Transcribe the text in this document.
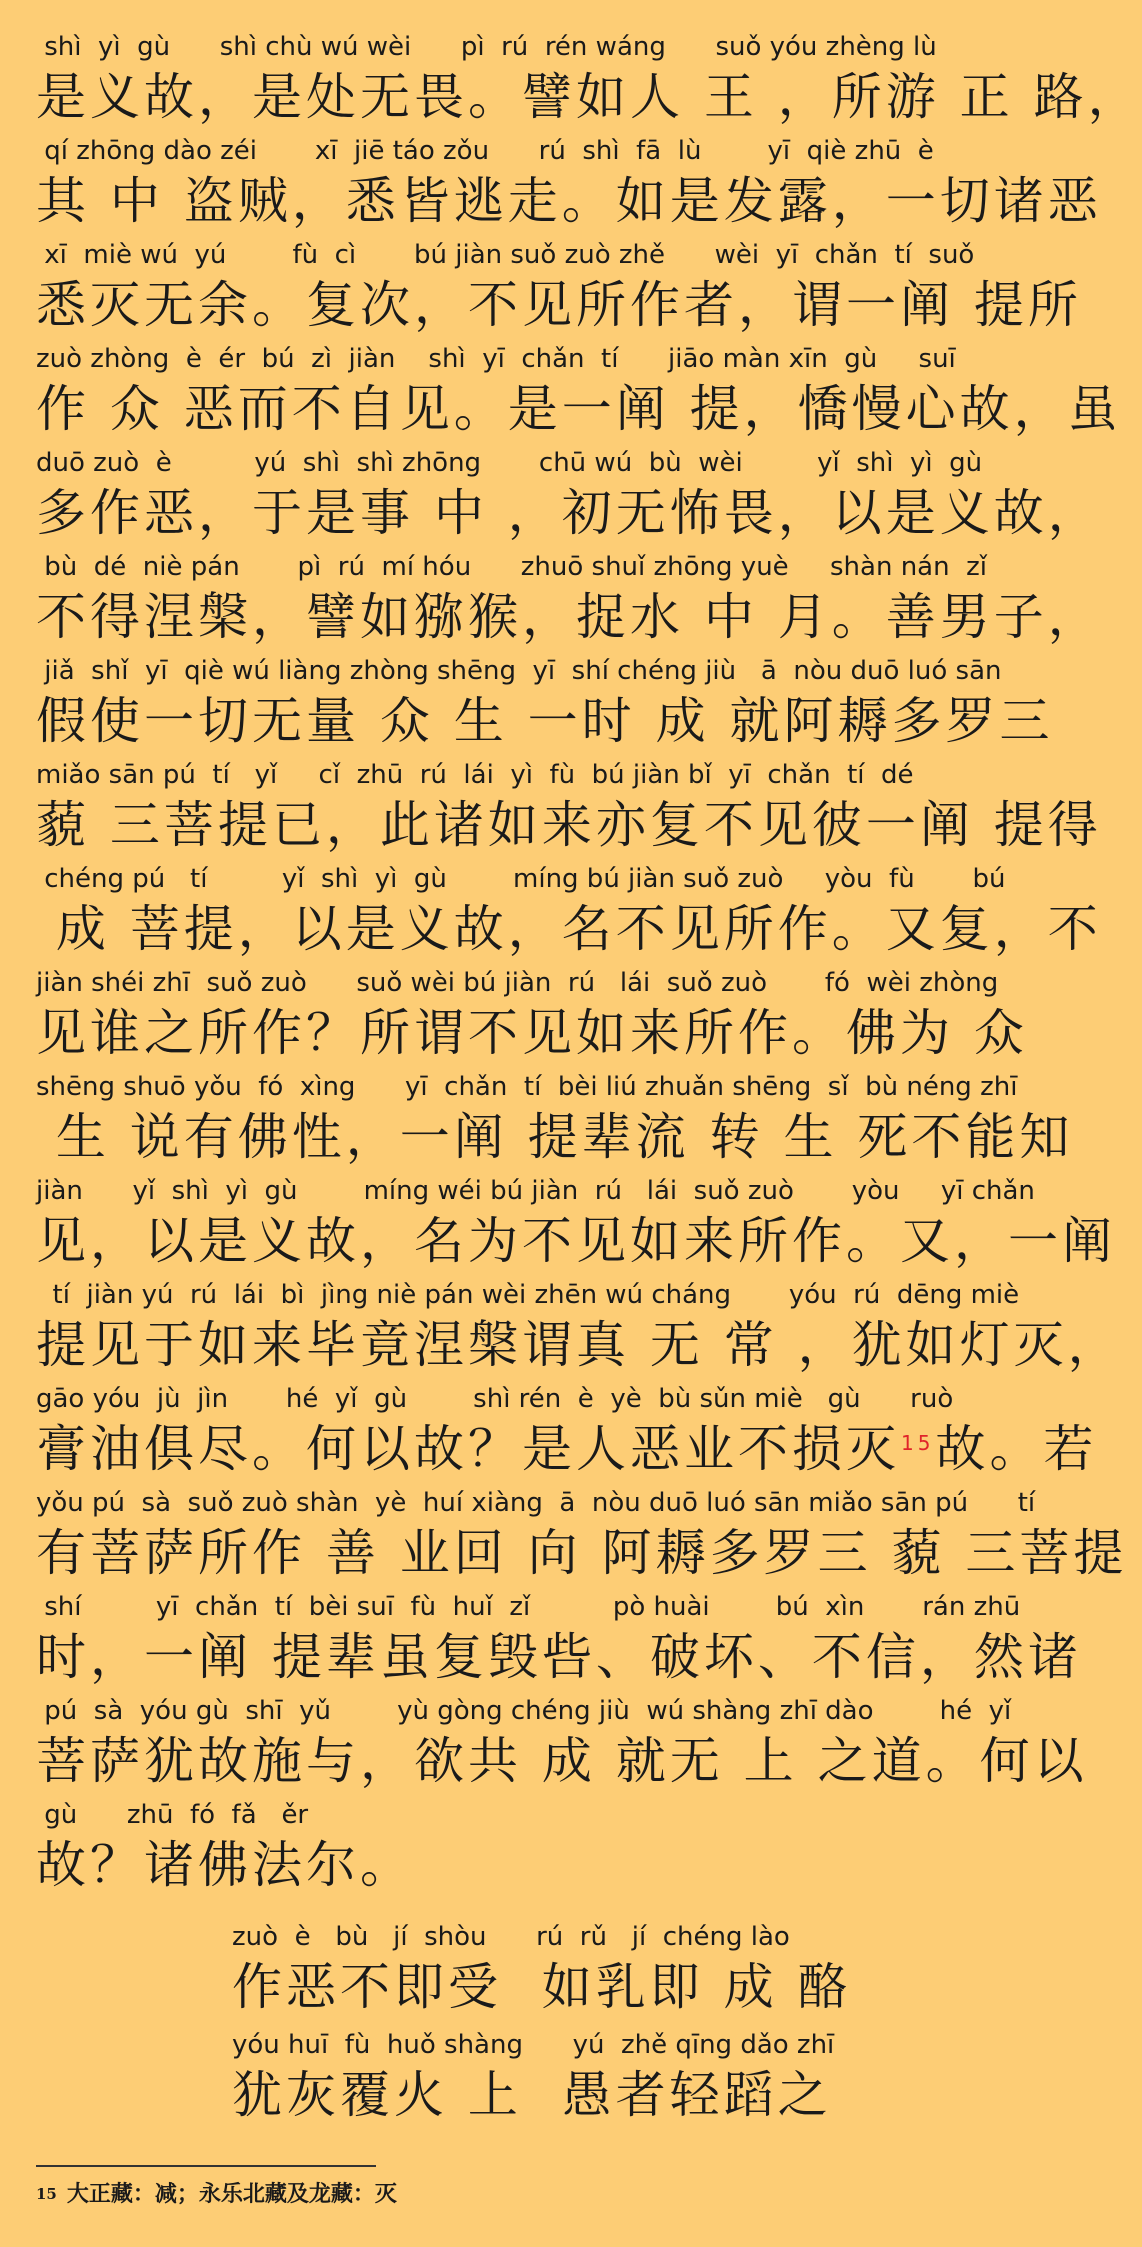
shì  yì  gù      shì chù wú wèi      pì  rú  rén wáng      suǒ yóu zhèng lù
是义故，是处无畏。譬如人 王 ，所游 正 路，
qí zhōng dào zéi       xī  jiē táo zǒu      rú  shì  fā  lù        yī  qiè zhū  è
其 中 盗贼，悉皆逃走。如是发露，一切诸恶
xī  miè wú  yú        fù  cì       bú jiàn suǒ zuò zhě      wèi  yī  chǎn  tí  suǒ
悉灭无余。复次，不见所作者，谓一阐 提所
zuò zhòng  è  ér  bú  zì  jiàn    shì  yī  chǎn  tí      jiāo màn xīn  gù     suī
作 众 恶而不自见。是一阐 提，憍慢心故，虽
duō zuò  è          yú  shì  shì zhōng       chū wú  bù  wèi         yǐ  shì  yì  gù
多作恶，于是事 中 ，初无怖畏，以是义故，
bù  dé  niè pán       pì  rú  mí hóu      zhuō shuǐ zhōng yuè     shàn nán  zǐ
不得涅槃，譬如猕猴，捉水 中 月。善男子，
jiǎ  shǐ  yī  qiè wú liàng zhòng shēng  yī  shí chéng jiù   ā  nòu duō luó sān
假使一切无量 众 生 一时 成 就阿耨多罗三
miǎo sān pú  tí   yǐ     cǐ  zhū  rú  lái  yì  fù  bú jiàn bǐ  yī  chǎn  tí  dé
藐 三菩提已，此诸如来亦复不见彼一阐 提得
chéng pú   tí         yǐ  shì  yì  gù        míng bú jiàn suǒ zuò     yòu  fù       bú
成 菩提，以是义故，名不见所作。又复，不
jiàn shéi zhī  suǒ zuò      suǒ wèi bú jiàn  rú   lái  suǒ zuò       fó  wèi zhòng
见谁之所作？所谓不见如来所作。佛为 众
shēng shuō yǒu  fó  xìng      yī  chǎn  tí  bèi liú zhuǎn shēng  sǐ  bù néng zhī
生 说有佛性，一阐 提辈流 转 生 死不能知
jiàn      yǐ  shì  yì  gù        míng wéi bú jiàn  rú   lái  suǒ zuò       yòu     yī chǎn
见，以是义故，名为不见如来所作。又，一阐
tí  jiàn yú  rú  lái  bì  jìng niè pán wèi zhēn wú cháng       yóu  rú  dēng miè
提见于如来毕竟涅槃谓真 无 常 ，犹如灯灭，
gāo yóu  jù  jìn       hé  yǐ  gù        shì rén  è  yè  bù sǔn miè   gù      ruò
膏油俱尽。何以故？是人恶业不损灭$^{15}$故。若
yǒu pú  sà  suǒ zuò shàn  yè  huí xiàng  ā  nòu duō luó sān miǎo sān pú      tí
有菩萨所作 善 业回 向 阿耨多罗三 藐 三菩提
shí         yī  chǎn  tí  bèi suī  fù  huǐ  zǐ          pò huài        bú  xìn       rán zhū
时，一阐 提辈虽复毁呰、破坏、不信，然诸
pú  sà  yóu gù  shī  yǔ        yù gòng chéng jiù  wú shàng zhī dào        hé  yǐ
菩萨犹故施与，欲共 成 就无 上 之道。何以
gù      zhū  fó  fǎ   ěr
故？诸佛法尔。
zuò  è   bù   jí  shòu      rú  rǔ   jí  chéng lào
作恶不即受  如乳即 成 酪
yóu huī  fù  huǒ shàng      yú  zhě qīng dǎo zhī
犹灰覆火 上  愚者轻蹈之
$^{15}$ 大正藏：减；永乐北藏及龙藏：灭
